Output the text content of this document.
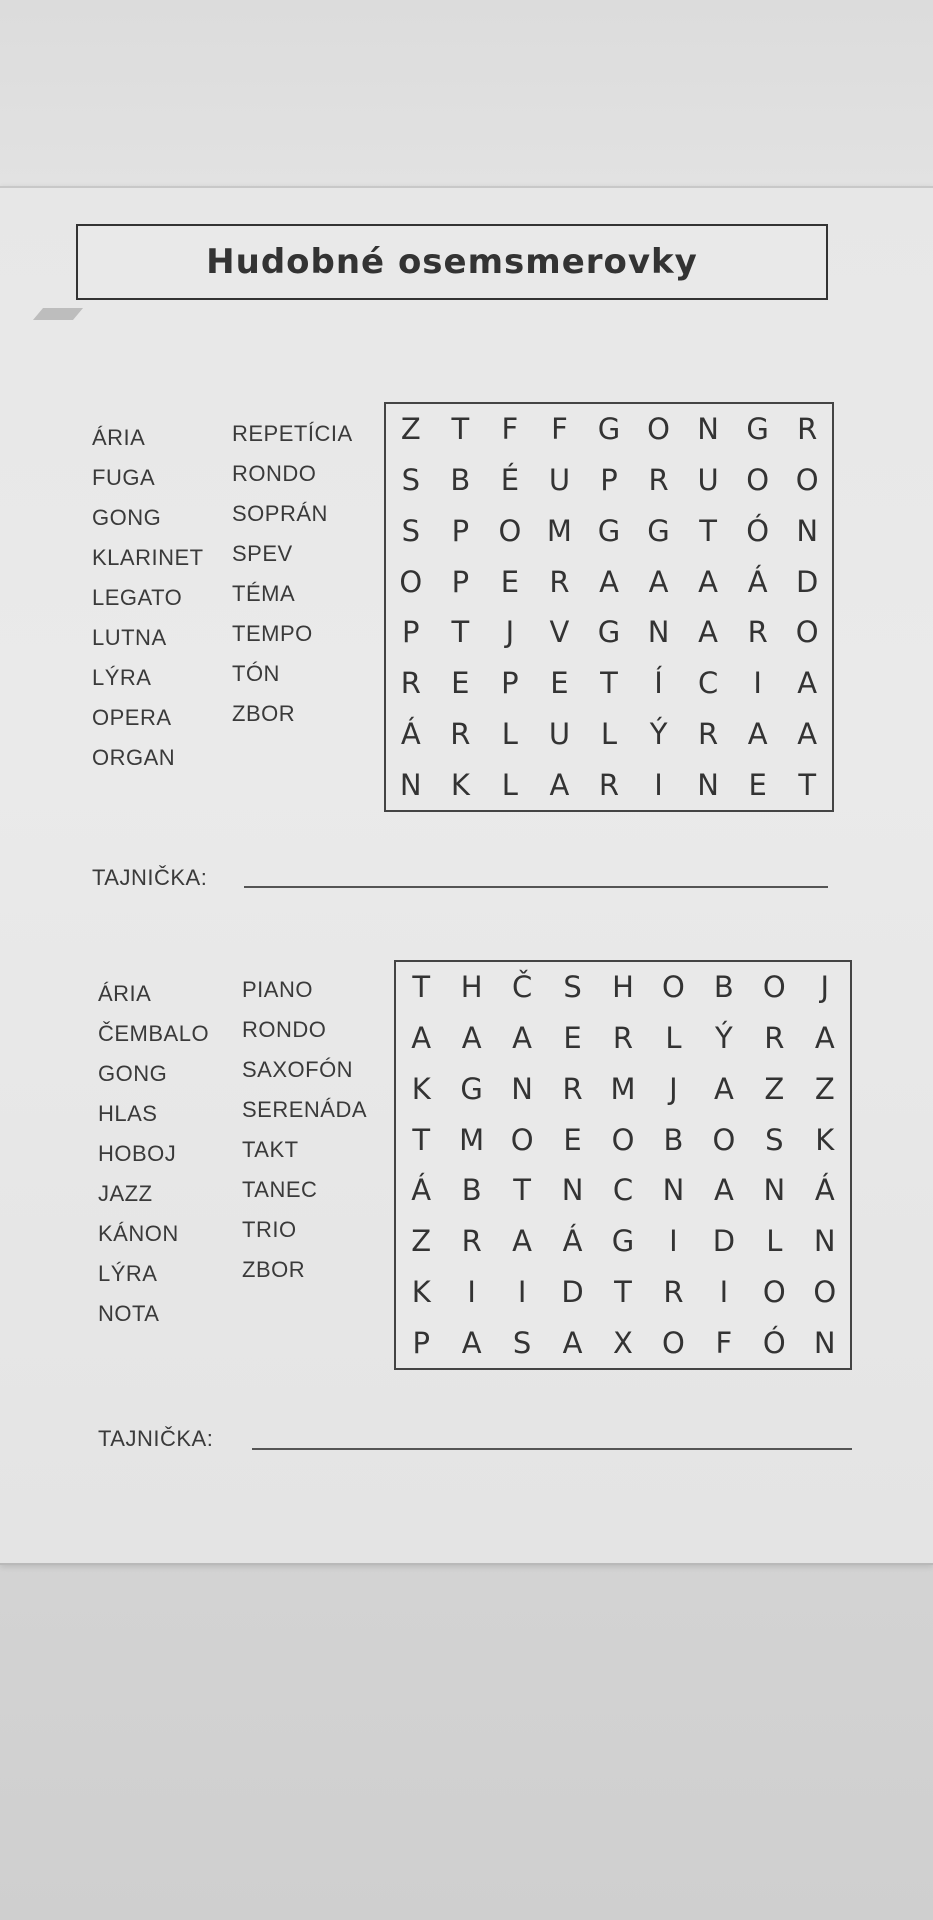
Hudobné osemsmerovky
ÁRIA
FUGA
GONG
KLARINET
LEGATO
LUTNA
LÝRA
OPERA
ORGAN
REPETÍCIA
RONDO
SOPRÁN
SPEV
TÉMA
TEMPO
TÓN
ZBOR
Z T F F G O N G R
S B É U P R U O O
S P O M G G T Ó N
O P E R A A A Á D
P T J V G N A R O
R E P E T Í C I A
Á R L U L Ý R A A
N K L A R I N E T
TAJNIČKA:
ÁRIA
ČEMBALO
GONG
HLAS
HOBOJ
JAZZ
KÁNON
LÝRA
NOTA
PIANO
RONDO
SAXOFÓN
SERENÁDA
TAKT
TANEC
TRIO
ZBOR
T H Č S H O B O J
A A A E R L Ý R A
K G N R M J A Z Z
T M O E O B O S K
Á B T N C N A N Á
Z R A Á G I D L N
K I I D T R I O O
P A S A X O F Ó N
TAJNIČKA:
